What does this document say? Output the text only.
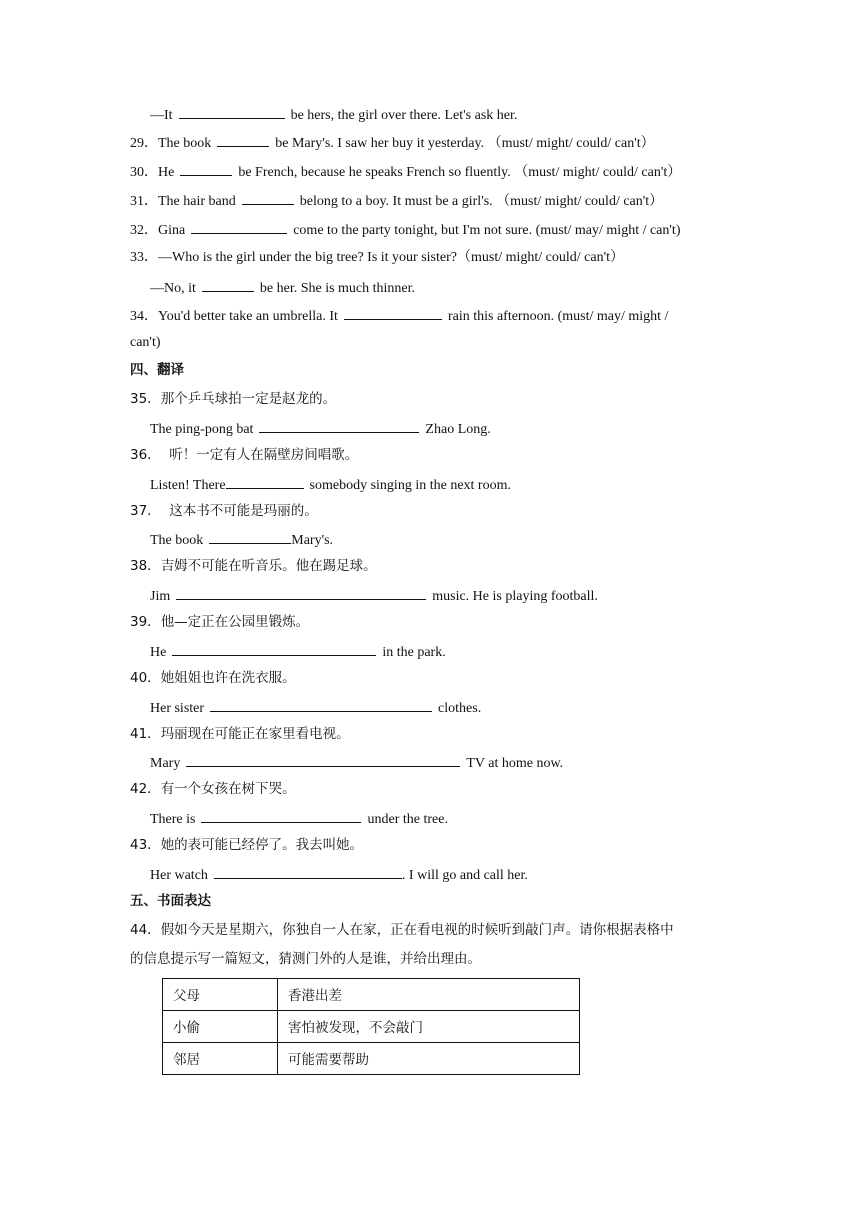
—It	be hers, the girl over there. Let's ask her.
29．The book	be Mary's. I saw her buy it yesterday. （must/ might/ could/ can't）
30．He	be French, because he speaks French so fluently. （must/ might/ could/ can't）
31．The hair band	belong to a boy. It must be a girl's. （must/ might/ could/ can't）
32．Gina	come to the party tonight, but I'm not sure. (must/ may/ might / can't)
33．—Who is the girl under the big tree? Is it your sister?（must/ might/ could/ can't）
—No, it	be her. She is much thinner.
34．You'd better take an umbrella. It	rain this afternoon. (must/ may/ might /
can't)
四、翻译
35．那个乒乓球拍一定是赵龙的。
The ping-pong bat	Zhao Long.
36． 听！一定有人在隔壁房间唱歌。
Listen! There	somebody singing in the next room.
37． 这本书不可能是玛丽的。
The book	Mary's.
38．吉姆不可能在听音乐。他在踢足球。
Jim	music. He is playing football.
39．他—定正在公园里锻炼。
He	in the park.
40．她姐姐也许在洗衣服。
Her sister	clothes.
41．玛丽现在可能正在家里看电视。
Mary	TV at home now.
42．有一个女孩在树下哭。
There is	under the tree.
43．她的表可能已经停了。我去叫她。
Her watch	. I will go and call her.
五、书面表达
44．假如今天是星期六，你独自一人在家，正在看电视的时候听到敲门声。请你根据表格中
的信息提示写一篇短文，猜测门外的人是谁，并给出理由。
父母	香港出差
小偷	害怕被发现，不会敲门
邻居	可能需要帮助
